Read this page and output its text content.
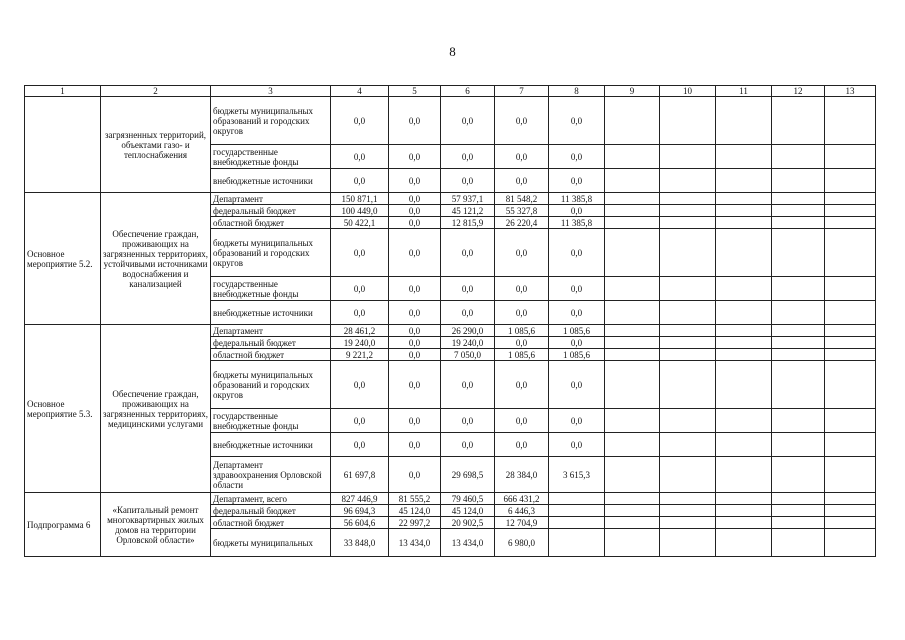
8
1	2	3	4	5	6	7	8	9	10	11	12	13
	загрязненных территорий, объектами газо- и теплоснабжения	бюджеты муниципальных образований и городских округов	0,0	0,0	0,0	0,0	0,0					
		государственные внебюджетные фонды	0,0	0,0	0,0	0,0	0,0					
		внебюджетные источники	0,0	0,0	0,0	0,0	0,0					
Основное мероприятие 5.2.	Обеспечение граждан, проживающих на загрязненных территориях, устойчивыми источниками водоснабжения и канализацией	Департамент	150 871,1	0,0	57 937,1	81 548,2	11 385,8					
		федеральный бюджет	100 449,0	0,0	45 121,2	55 327,8	0,0					
		областной бюджет	50 422,1	0,0	12 815,9	26 220,4	11 385,8					
		бюджеты муниципальных образований и городских округов	0,0	0,0	0,0	0,0	0,0					
		государственные внебюджетные фонды	0,0	0,0	0,0	0,0	0,0					
		внебюджетные источники	0,0	0,0	0,0	0,0	0,0					
Основное мероприятие 5.3.	Обеспечение граждан, проживающих на загрязненных территориях, медицинскими услугами	Департамент	28 461,2	0,0	26 290,0	1 085,6	1 085,6					
		федеральный бюджет	19 240,0	0,0	19 240,0	0,0	0,0					
		областной бюджет	9 221,2	0,0	7 050,0	1 085,6	1 085,6					
		бюджеты муниципальных образований и городских округов	0,0	0,0	0,0	0,0	0,0					
		государственные внебюджетные фонды	0,0	0,0	0,0	0,0	0,0					
		внебюджетные источники	0,0	0,0	0,0	0,0	0,0					
		Департамент здравоохранения Орловской области	61 697,8	0,0	29 698,5	28 384,0	3 615,3					
Подпрограмма 6	«Капитальный ремонт многоквартирных жилых домов на территории Орловской области»	Департамент, всего	827 446,9	81 555,2	79 460,5	666 431,2						
		федеральный бюджет	96 694,3	45 124,0	45 124,0	6 446,3						
		областной бюджет	56 604,6	22 997,2	20 902,5	12 704,9						
		бюджеты муниципальных	33 848,0	13 434,0	13 434,0	6 980,0						
